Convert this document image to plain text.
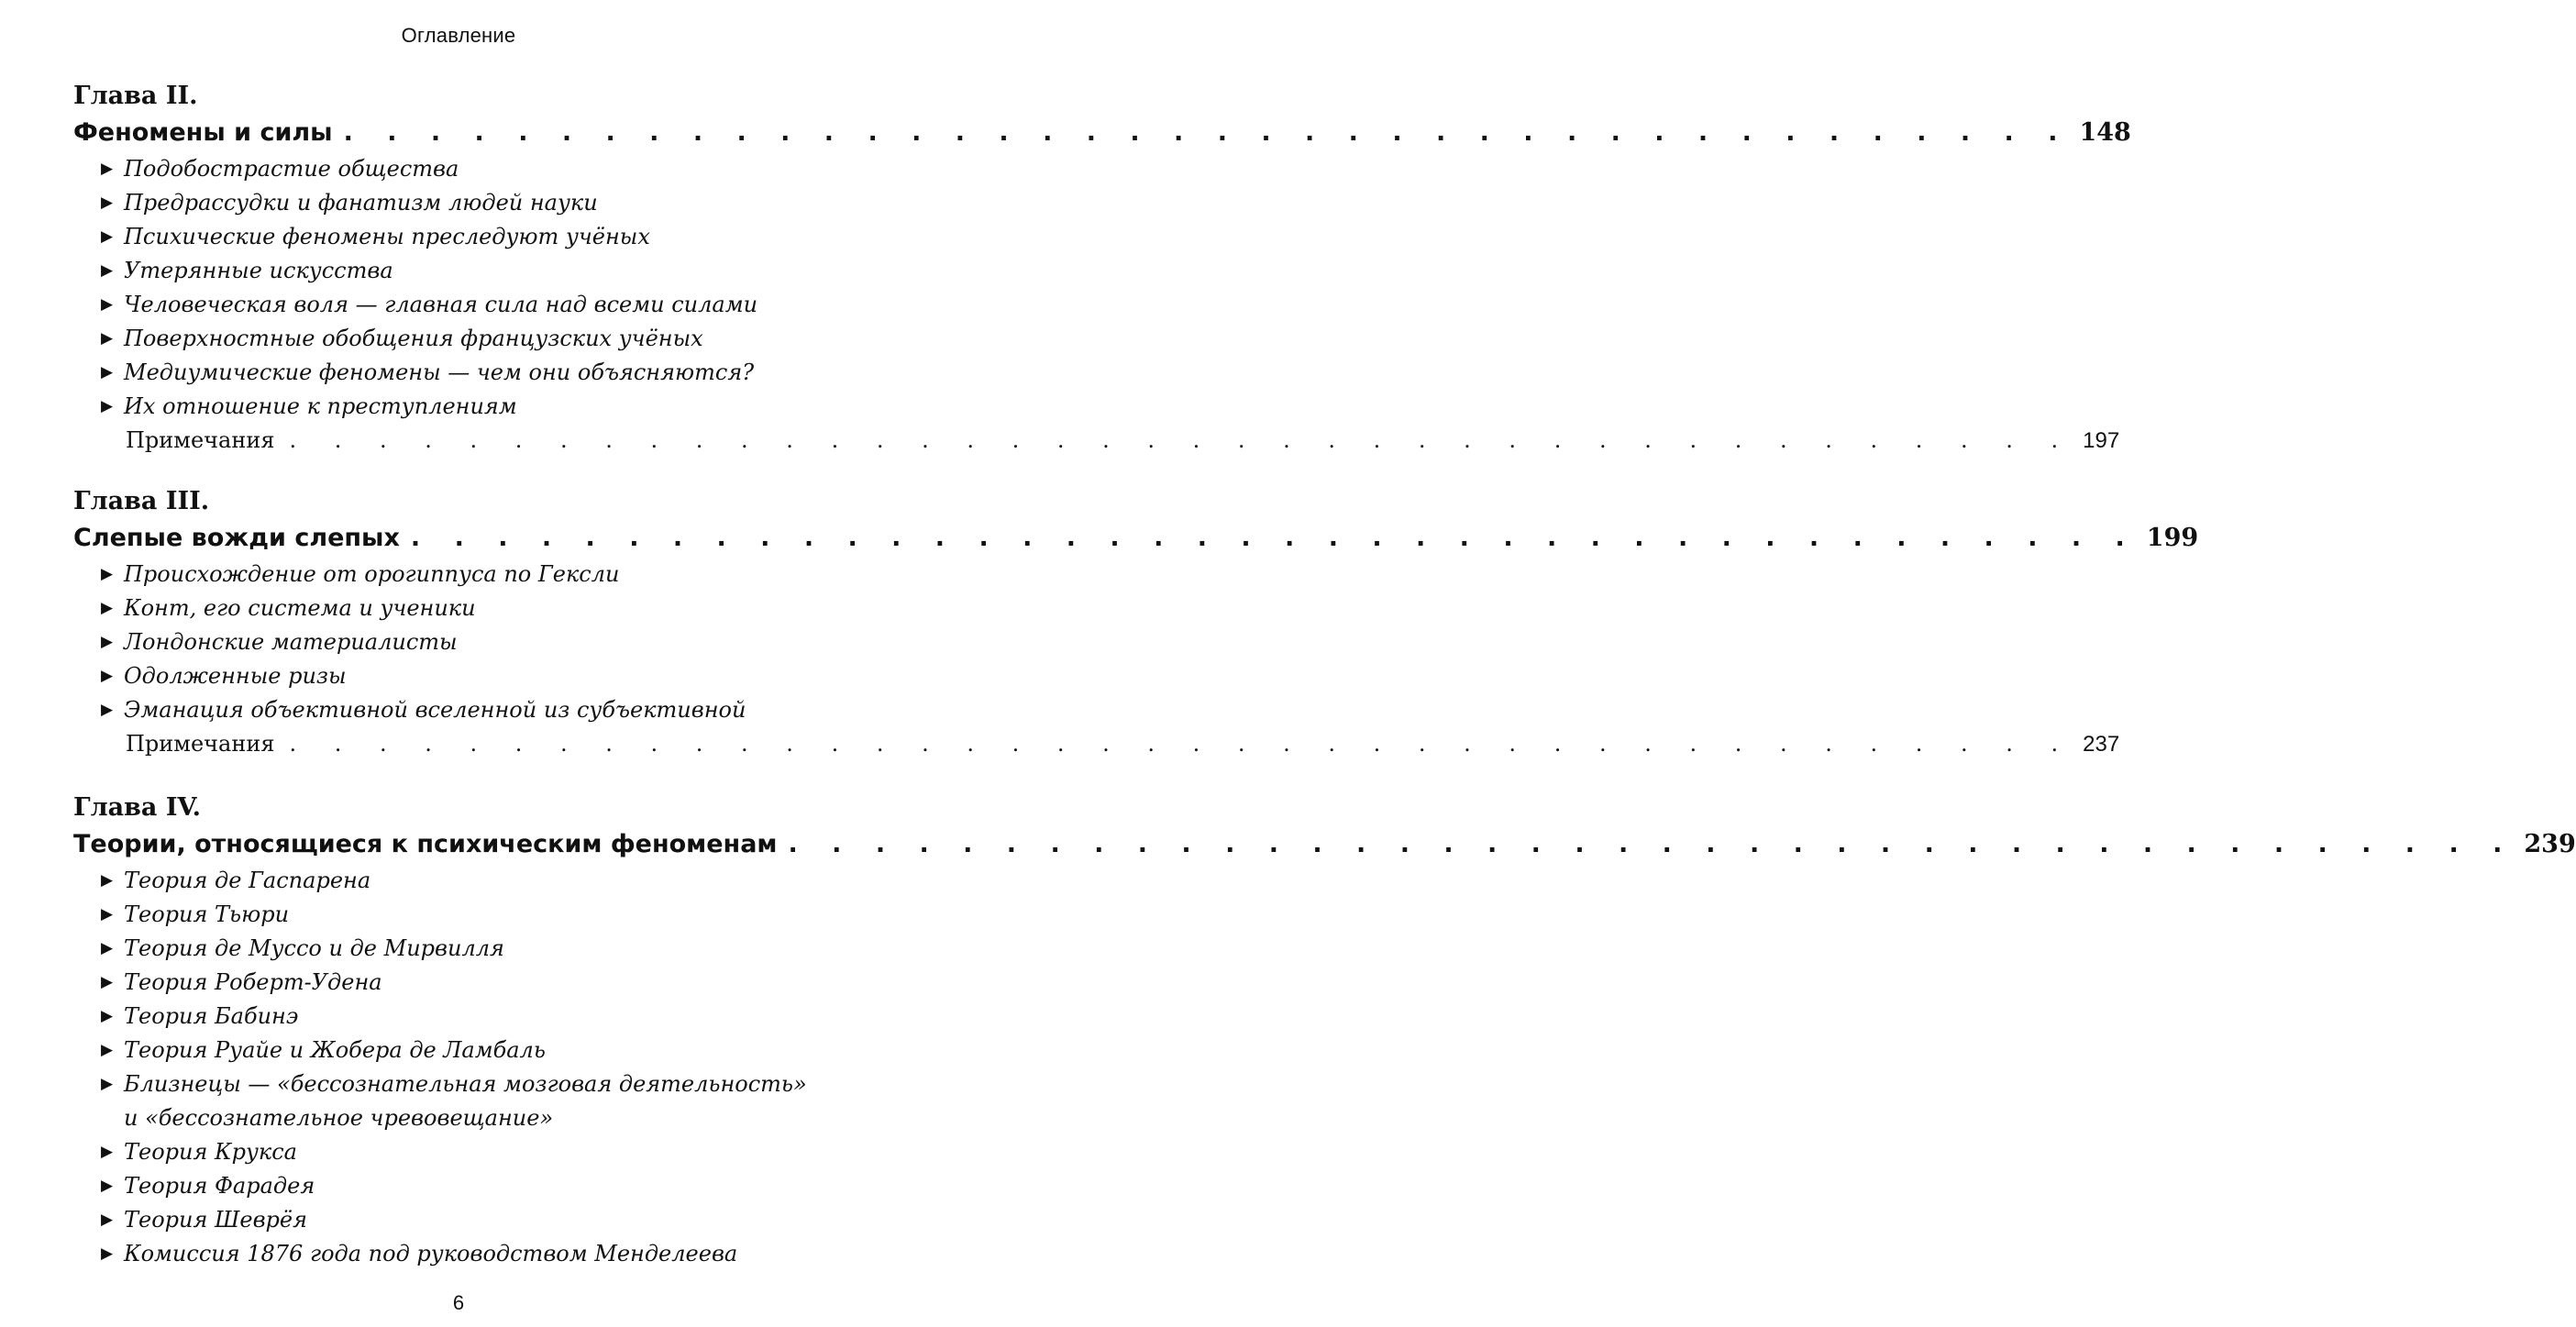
Оглавление
Глава II.
Феномены и силы . . . . . . . . . . . . . . . . . . . . . . . . . . . . . . . . . . . . . . . . 148
▶ Подобострастие общества
▶ Предрассудки и фанатизм людей науки
▶ Психические феномены преследуют учёных
▶ Утерянные искусства
▶ Человеческая воля — главная сила над всеми силами
▶ Поверхностные обобщения французских учёных
▶ Медиумические феномены — чем они объясняются?
▶ Их отношение к преступлениям
Примечания . . . . . . . . . . . . . . . . . . . . . . . . . . . . . . . . . . . . . . . . 197
Глава III.
Слепые вожди слепых . . . . . . . . . . . . . . . . . . . . . . . . . . . . . . . . . . . . . . . . 199
▶ Происхождение от орогиппуса по Гексли
▶ Конт, его система и ученики
▶ Лондонские материалисты
▶ Одолженные ризы
▶ Эманация объективной вселенной из субъективной
Примечания . . . . . . . . . . . . . . . . . . . . . . . . . . . . . . . . . . . . . . . . 237
Глава IV.
Теории, относящиеся к психическим феноменам . . . . . . . . . . . . . . . . . . . . . . . . . . . . . . . . . . . . . . . . 239
▶ Теория де Гаспарена
▶ Теория Тьюри
▶ Теория де Муссо и де Мирвилля
▶ Теория Роберт-Удена
▶ Теория Бабинэ
▶ Теория Руайе и Жобера де Ламбаль
▶ Близнецы — «бессознательная мозговая деятельность»
и «бессознательное чревовещание»
▶ Теория Крукса
▶ Теория Фарадея
▶ Теория Шеврёя
▶ Комиссия 1876 года под руководством Менделеева
6
